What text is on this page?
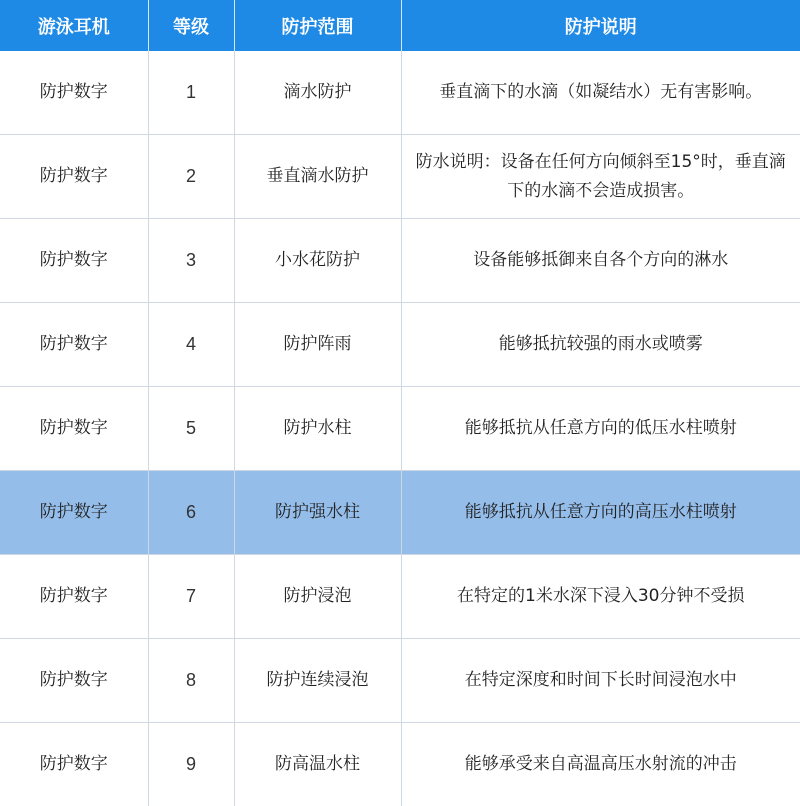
游泳耳机	等级	防护范围	防护说明
防护数字	1	滴水防护	垂直滴下的水滴（如凝结水）无有害影响。
防护数字	2	垂直滴水防护	防水说明：设备在任何方向倾斜至15°时，垂直滴下的水滴不会造成损害。
防护数字	3	小水花防护	设备能够抵御来自各个方向的淋水
防护数字	4	防护阵雨	能够抵抗较强的雨水或喷雾
防护数字	5	防护水柱	能够抵抗从任意方向的低压水柱喷射
防护数字	6	防护强水柱	能够抵抗从任意方向的高压水柱喷射
防护数字	7	防护浸泡	在特定的1米水深下浸入30分钟不受损
防护数字	8	防护连续浸泡	在特定深度和时间下长时间浸泡水中
防护数字	9	防高温水柱	能够承受来自高温高压水射流的冲击
